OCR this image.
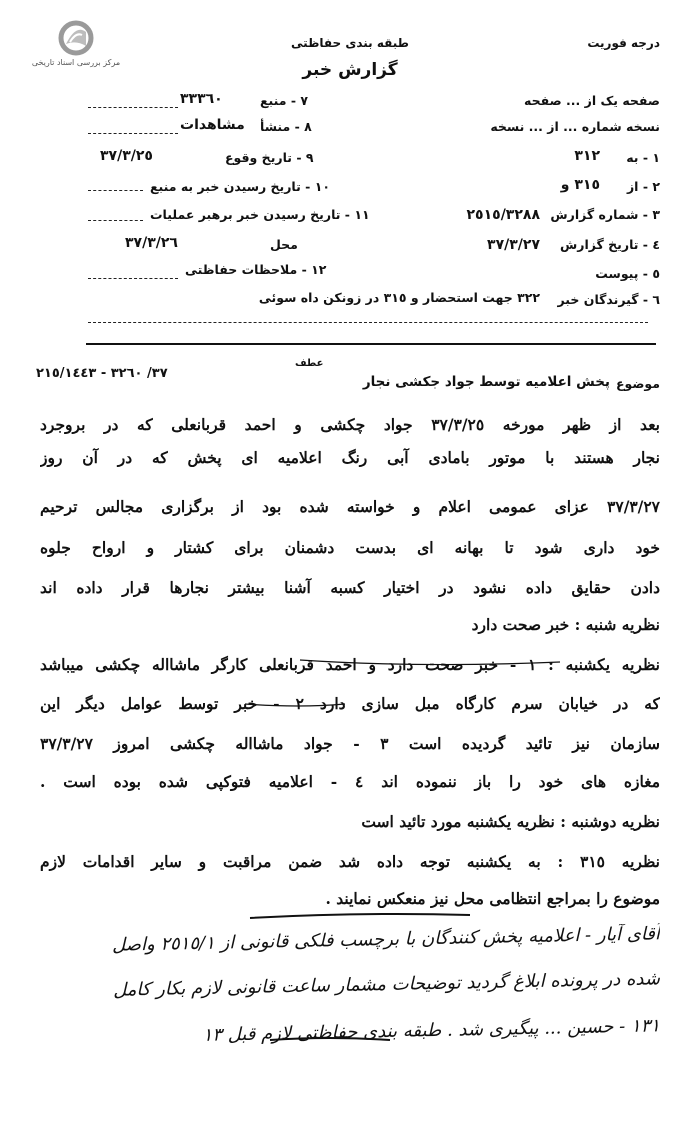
مرکز بررسی اسناد تاریخی
درجه فوریت
طبقه بندی حفاظتی
گزارش خبر
صفحه یک از ... صفحه
نسخه شماره ... از ... نسخه
١ - به
٣١٢
٢ - از
٣١٥ و
٣ - شماره گزارش
٢٥١٥/٣٢٨٨
٤ - تاریخ گزارش
٣٧/٣/٢٧
٥ - پیوست
٦ - گیرندگان خبر
٣٢٢ جهت استحضار و ٣١٥ در زونکن داه سوئی
٧ - منبع
٣٣٣٦٠
٨ - منشأ
مشاهدات
٩ - تاریخ وقوع
٣٧/٣/٢٥
١٠ - تاریخ رسیدن خبر به منبع
١١ - تاریخ رسیدن خبر برهبر عملیات
محل
٣٧/٣/٢٦
١٢ - ملاحظات حفاظتی
موضوع
پخش اعلامیه توسط جواد جکشی نجار
عطف
٣٧/ ٣٢٦٠ - ٢١٥/١٤٤٣
بعد از ظهر مورخه ٣٧/٣/٢٥ جواد چکشی و احمد قربانعلی که در بروجرد
نجار هستند با موتور بامادی آبی رنگ اعلامیه ای پخش که در آن روز
٣٧/٣/٢٧ عزای عمومی اعلام و خواسته شده بود از برگزاری مجالس ترحیم
خود داری شود تا بهانه ای بدست دشمنان برای کشتار و ارواح جلوه
دادن حقایق داده نشود در اختیار کسبه آشنا بیشتر نجارها قرار داده اند
نظریه شنبه : خبر صحت دارد
نظریه یکشنبه : ١ - خبر صحت دارد و احمد قربانعلی کارگر ماشااله چکشی میباشد
که در خیابان سرم کارگاه مبل سازی دارد ٢ - خبر توسط عوامل دیگر این
سازمان نیز تائید گردیده است ٣ - جواد ماشااله چکشی امروز ٣٧/٣/٢٧
مغازه های خود را باز ننموده اند ٤ - اعلامیه فتوکپی شده بوده است .
نظریه دوشنبه : نظریه یکشنبه مورد تائید است
نظریه ٣١٥ : به یکشنبه توجه داده شد ضمن مراقبت و سایر اقدامات لازم
موضوع را بمراجع انتظامی محل نیز منعکس نمایند .
آقای آیار - اعلامیه پخش کنندگان با برچسب فلکی قانونی از ٢٥١٥/١ واصل
شده در پرونده ابلاغ گردید توضیحات مشمار ساعت قانونی لازم بکار کامل
١٣١ - حسین ... پیگیری شد . طبقه بندی حفاظتی لازم قبل ١٣
